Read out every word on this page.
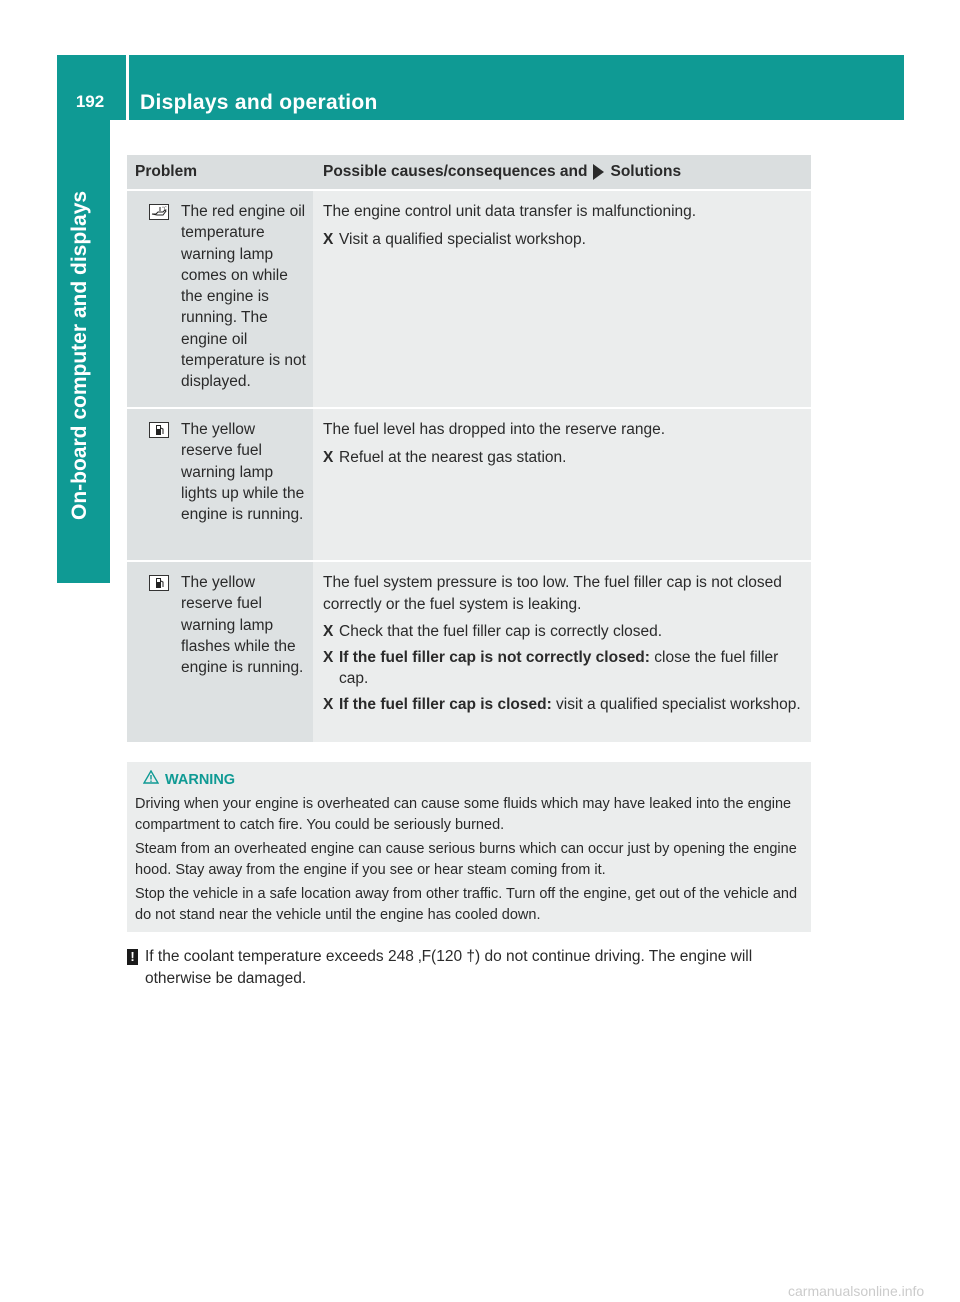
192	Displays and operation
On-board computer and displays
Problem	Possible causes/consequences and Solutions
°C The red engine oil temperature warning lamp comes on while the engine is running. The engine oil temperature is not displayed.

The engine control unit data transfer is malfunctioning.

X Visit a qualified specialist workshop.
The yellow reserve fuel warning lamp lights up while the engine is running.

The fuel level has dropped into the reserve range.

X Refuel at the nearest gas station.
The yellow reserve fuel warning lamp flashes while the engine is running.

The fuel system pressure is too low. The fuel filler cap is not closed correctly or the fuel system is leaking.

X Check that the fuel filler cap is correctly closed.
X If the fuel filler cap is not correctly closed: close the fuel filler cap.
X If the fuel filler cap is closed: visit a qualified specialist workshop.
WARNING

Driving when your engine is overheated can cause some fluids which may have leaked into the engine compartment to catch fire. You could be seriously burned.

Steam from an overheated engine can cause serious burns which can occur just by opening the engine hood. Stay away from the engine if you see or hear steam coming from it.

Stop the vehicle in a safe location away from other traffic. Turn off the engine, get out of the vehicle and do not stand near the vehicle until the engine has cooled down.

! If the coolant temperature exceeds 248 ‚F(120 †) do not continue driving. The engine will otherwise be damaged.
carmanualsonline.info
